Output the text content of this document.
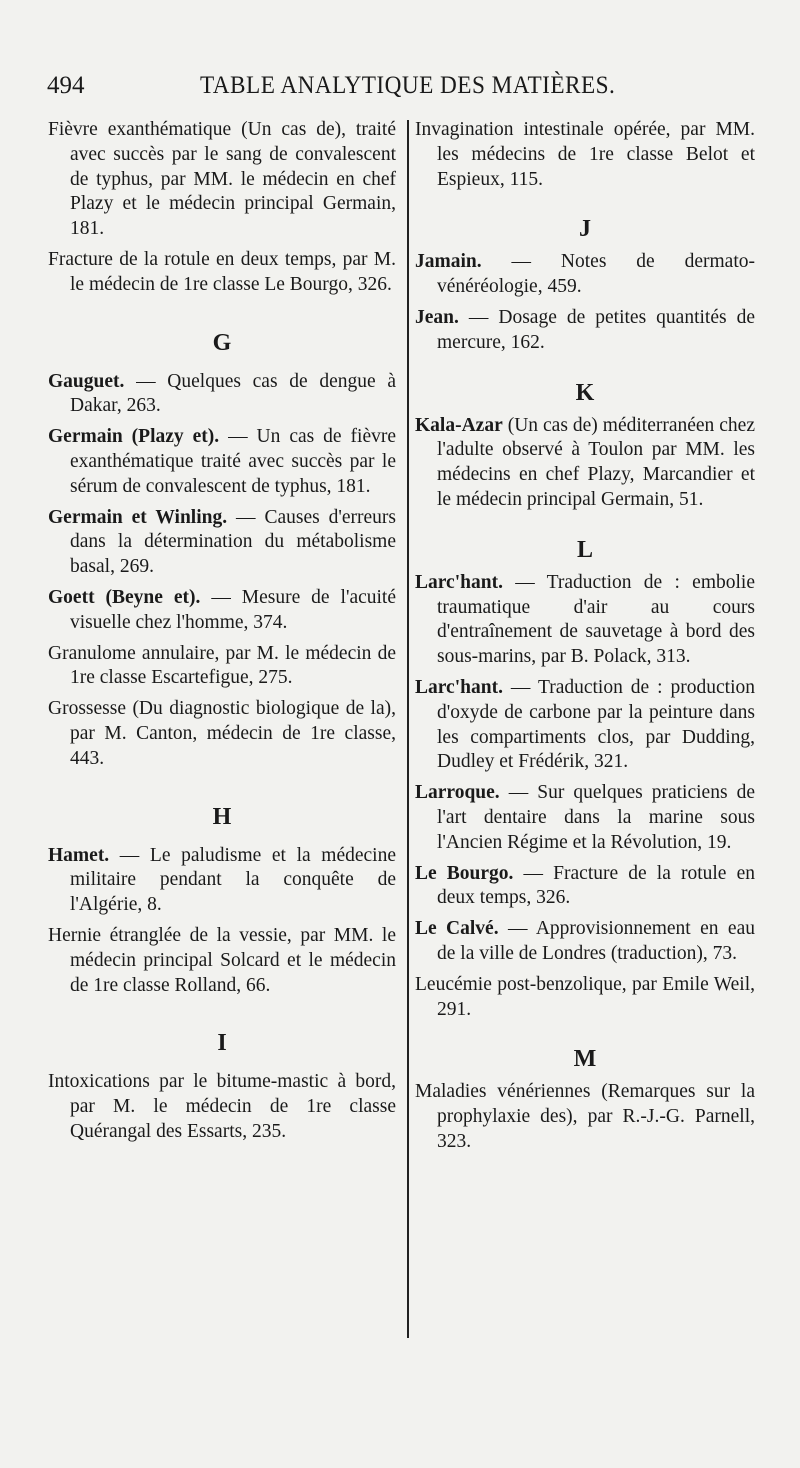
494	TABLE ANALYTIQUE DES MATIÈRES.

Fièvre exanthématique (Un cas de), traité avec succès par le sang de convalescent de typhus, par MM. le médecin en chef Plazy et le médecin principal Germain, 181.

Fracture de la rotule en deux temps, par M. le médecin de 1re classe Le Bourgo, 326.

G

Gauguet. — Quelques cas de dengue à Dakar, 263.

Germain (Plazy et). — Un cas de fièvre exanthématique traité avec succès par le sérum de convalescent de typhus, 181.

Germain et Winling. — Causes d'erreurs dans la détermination du métabolisme basal, 269.

Goett (Beyne et). — Mesure de l'acuité visuelle chez l'homme, 374.

Granulome annulaire, par M. le médecin de 1re classe Escartefigue, 275.

Grossesse (Du diagnostic biologique de la), par M. Canton, médecin de 1re classe, 443.

H

Hamet. — Le paludisme et la médecine militaire pendant la conquête de l'Algérie, 8.

Hernie étranglée de la vessie, par MM. le médecin principal Solcard et le médecin de 1re classe Rolland, 66.

I

Intoxications par le bitume-mastic à bord, par M. le médecin de 1re classe Quérangal des Essarts, 235.

Invagination intestinale opérée, par MM. les médecins de 1re classe Belot et Espieux, 115.

J

Jamain. — Notes de dermato-vénéréologie, 459.

Jean. — Dosage de petites quantités de mercure, 162.

K

Kala-Azar (Un cas de) méditerranéen chez l'adulte observé à Toulon par MM. les médecins en chef Plazy, Marcandier et le médecin principal Germain, 51.

L

Larc'hant. — Traduction de : embolie traumatique d'air au cours d'entraînement de sauvetage à bord des sous-marins, par B. Polack, 313.

Larc'hant. — Traduction de : production d'oxyde de carbone par la peinture dans les compartiments clos, par Dudding, Dudley et Frédérik, 321.

Larroque. — Sur quelques praticiens de l'art dentaire dans la marine sous l'Ancien Régime et la Révolution, 19.

Le Bourgo. — Fracture de la rotule en deux temps, 326.

Le Calvé. — Approvisionnement en eau de la ville de Londres (traduction), 73.

Leucémie post-benzolique, par Emile Weil, 291.

M

Maladies vénériennes (Remarques sur la prophylaxie des), par R.-J.-G. Parnell, 323.
